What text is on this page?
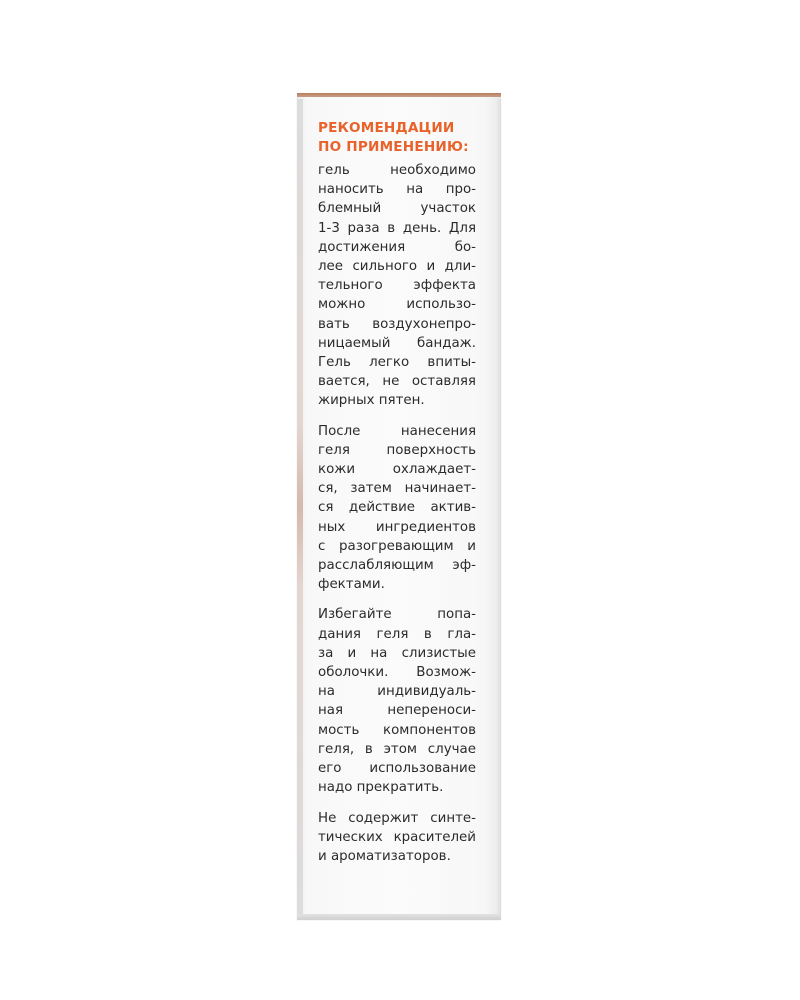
РЕКОМЕНДАЦИИ
ПО ПРИМЕНЕНИЮ:
гель необходимо
наносить на про-
блемный участок
1-3 раза в день. Для
достижения бо-
лее сильного и дли-
тельного эффекта
можно использо-
вать воздухонепро-
ницаемый бандаж.
Гель легко впиты-
вается, не оставляя
жирных пятен.
После нанесения
геля поверхность
кожи охлаждает-
ся, затем начинает-
ся действие актив-
ных ингредиентов
с разогревающим и
расслабляющим эф-
фектами.
Избегайте попа-
дания геля в гла-
за и на слизистые
оболочки. Возмож-
на индивидуаль-
ная непереноси-
мость компонентов
геля, в этом случае
его использование
надо прекратить.
Не содержит синте-
тических красителей
и ароматизаторов.
